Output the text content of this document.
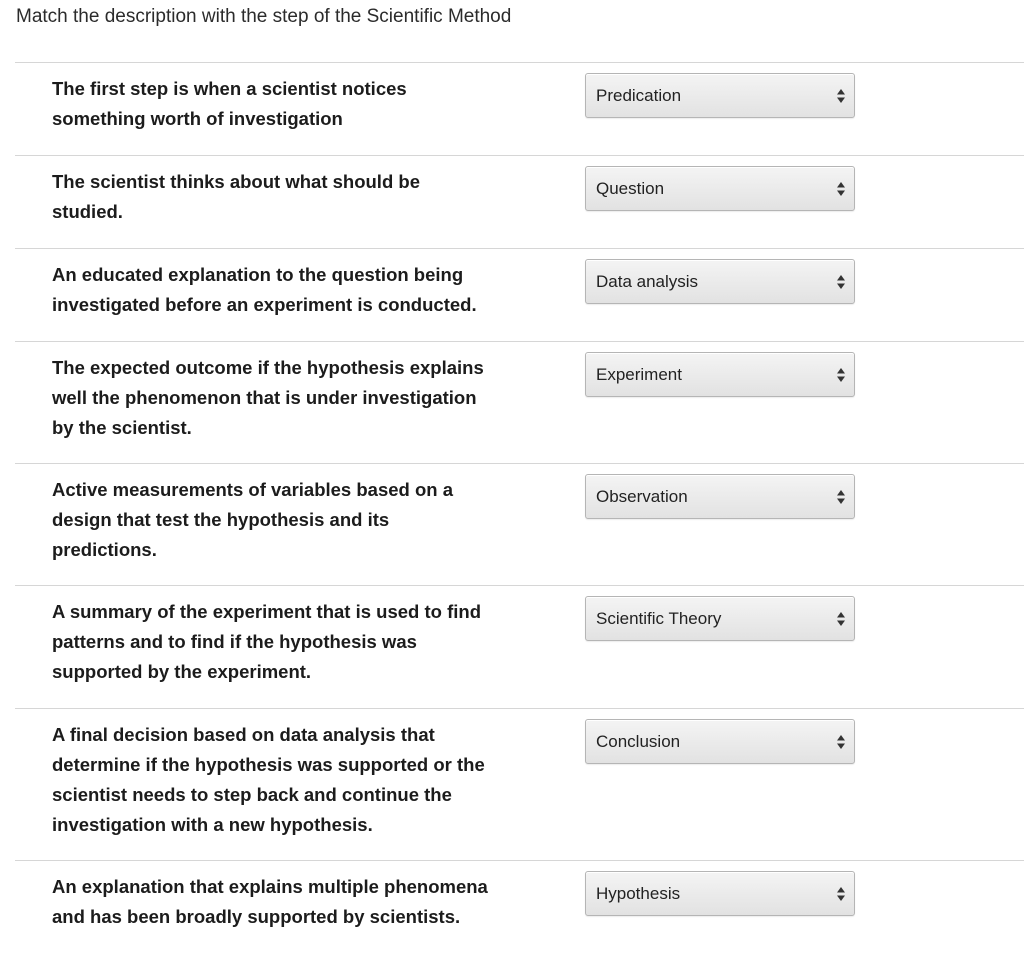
Match the description with the step of the Scientific Method
The first step is when a scientist notices something worth of investigation
Predication
The scientist thinks about what should be studied.
Question
An educated explanation to the question being investigated before an experiment is conducted.
Data analysis
The expected outcome if the hypothesis explains well the phenomenon that is under investigation by the scientist.
Experiment
Active measurements of variables based on a design that test the hypothesis and its predictions.
Observation
A summary of the experiment that is used to find patterns and to find if the hypothesis was supported by the experiment.
Scientific Theory
A final decision based on data analysis that determine if the hypothesis was supported or the scientist needs to step back and continue the investigation with a new hypothesis.
Conclusion
An explanation that explains multiple phenomena and has been broadly supported by scientists.
Hypothesis
